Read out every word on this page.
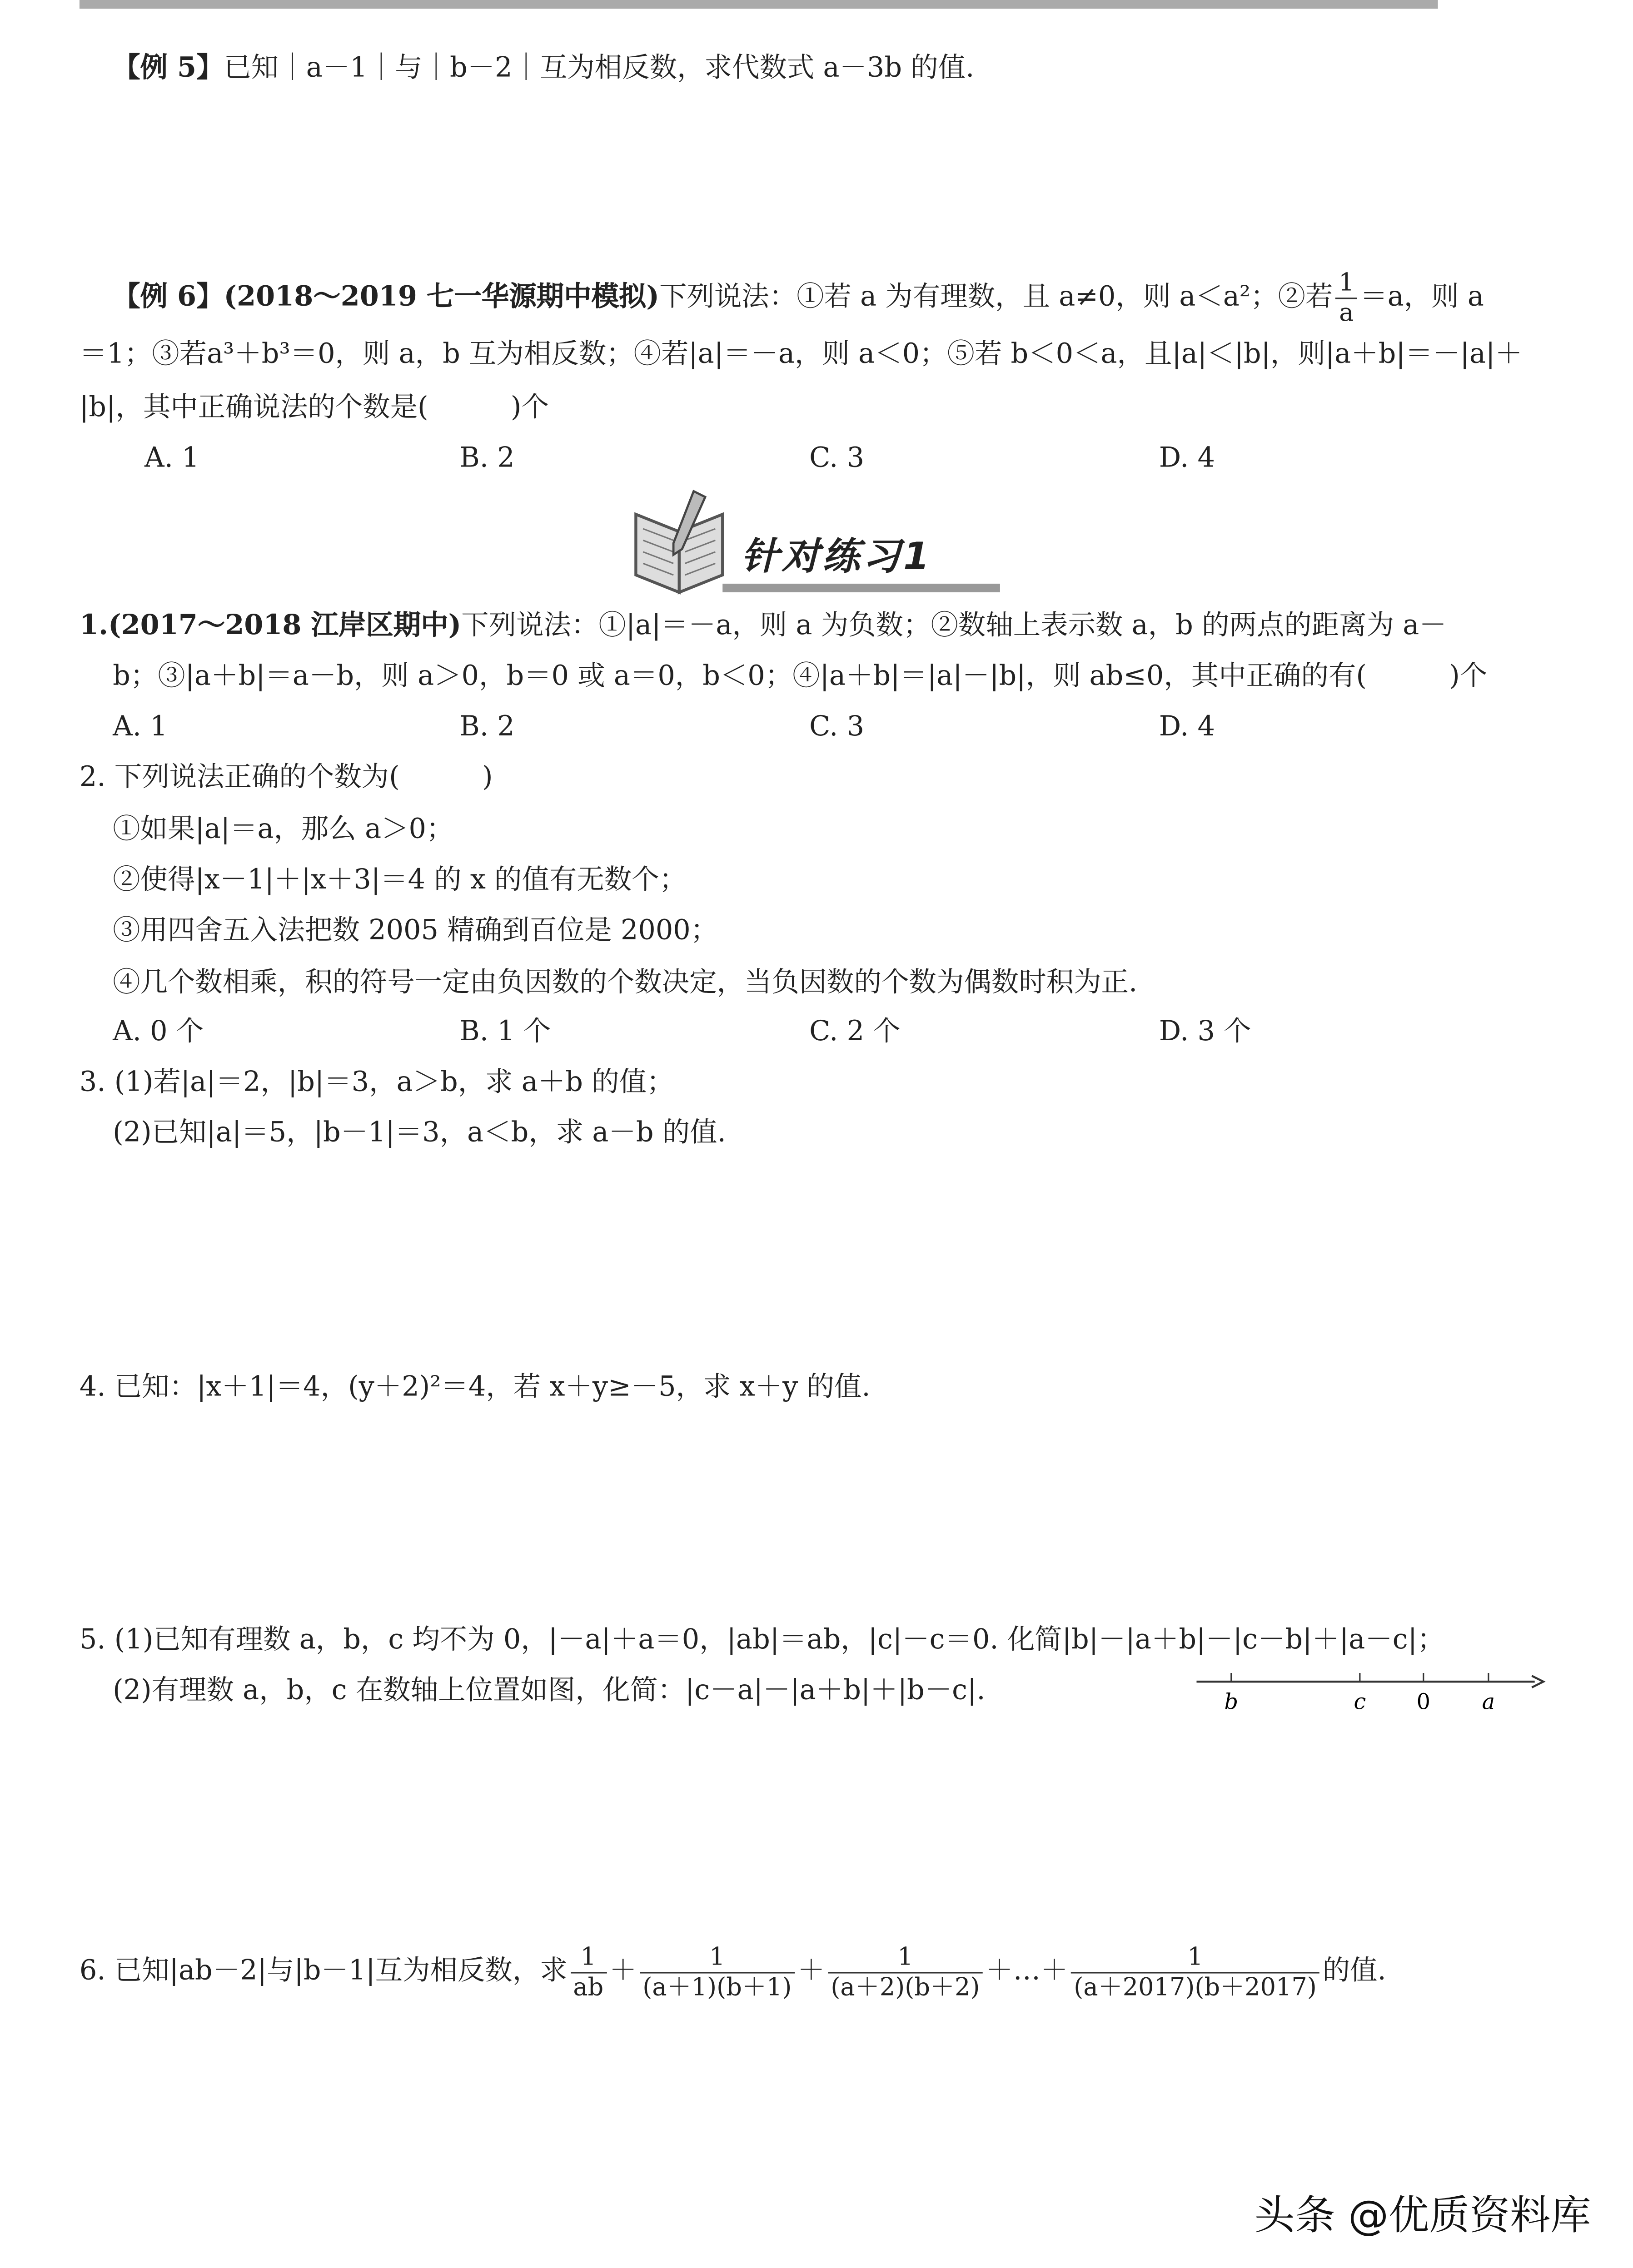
【例 5】已知｜a－1｜与｜b－2｜互为相反数，求代数式 a－3b 的值.
【例 6】(2018～2019 七一华源期中模拟)下列说法：①若 a 为有理数，且 a≠0，则 a＜a²；②若 $\frac{1}{a} =a$，则 a
＝1；③若a³＋b³＝0，则 a，b 互为相反数；④若|a|＝－a，则 a＜0；⑤若 b＜0＜a，且|a|＜|b|，则|a＋b|＝－|a|＋
|b|，其中正确说法的个数是(　　　)个
A. 1	B. 2	C. 3	D. 4
针对练习1
1.(2017～2018 江岸区期中)下列说法：①|a|＝－a，则 a 为负数；②数轴上表示数 a，b 的两点的距离为 a－
b；③|a＋b|＝a－b，则 a＞0，b＝0 或 a＝0，b＜0；④|a＋b|＝|a|－|b|，则 ab≤0，其中正确的有(　　　)个
A. 1	B. 2	C. 3	D. 4
2. 下列说法正确的个数为(　　　)
①如果|a|＝a，那么 a＞0；
②使得|x－1|＋|x＋3|＝4 的 x 的值有无数个；
③用四舍五入法把数 2005 精确到百位是 2000；
④几个数相乘，积的符号一定由负因数的个数决定，当负因数的个数为偶数时积为正.
A. 0 个	B. 1 个	C. 2 个	D. 3 个
3. (1)若|a|＝2，|b|＝3，a＞b，求 a＋b 的值；
(2)已知|a|＝5，|b－1|＝3，a＜b，求 a－b 的值.
4. 已知：|x＋1|＝4，(y＋2)²＝4，若 x＋y≥－5，求 x＋y 的值.
5. (1)已知有理数 a，b，c 均不为 0，|－a|＋a＝0，|ab|＝ab，|c|－c＝0. 化简|b|－|a＋b|－|c－b|＋|a－c|；
(2)有理数 a，b，c 在数轴上位置如图，化简：|c－a|－|a＋b|＋|b－c|.	b	c	0	a
6. 已知|ab－2|与|b－1|互为相反数，求 $\frac{1}{ab} + \frac{1}{(a+1)(b+1)} + \frac{1}{(a+2)(b+2)}$ ＋…＋ $\frac{1}{(a+2017)(b+2017)}$ 的值.
头条 @优质资料库
